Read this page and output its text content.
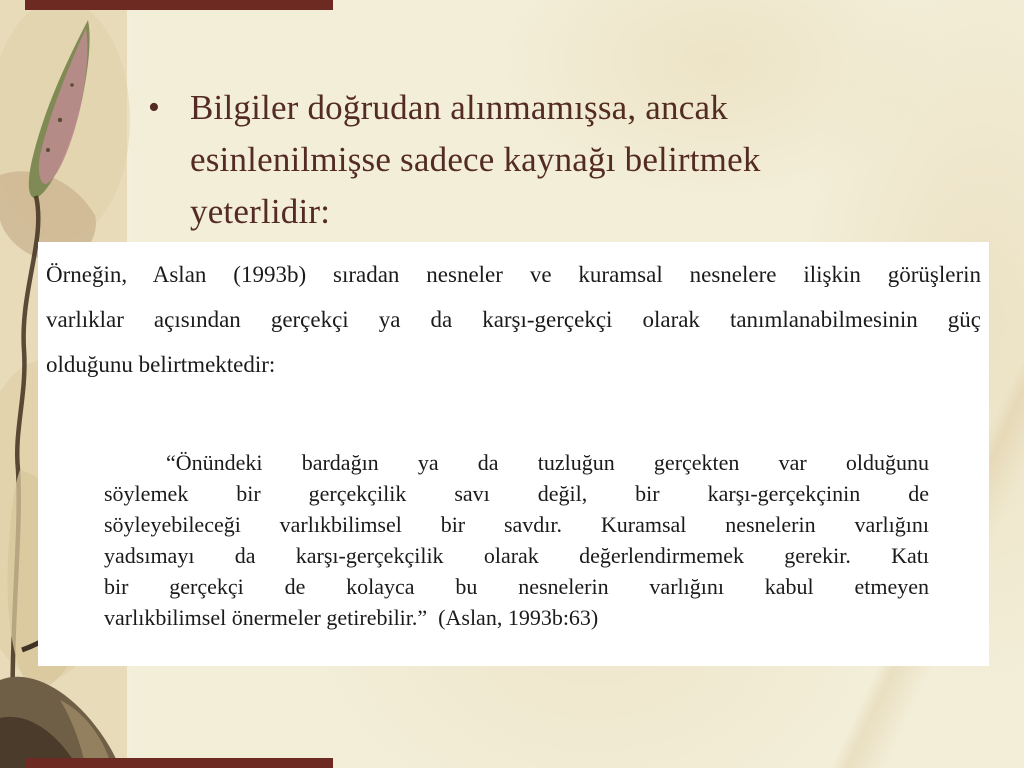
• Bilgiler doğrudan alınmamışsa, ancak
esinlenilmişse sadece kaynağı belirtmek
yeterlidir:
Örneğin, Aslan (1993b) sıradan nesneler ve kuramsal nesnelere ilişkin görüşlerin
varlıklar açısından gerçekçi ya da karşı-gerçekçi olarak tanımlanabilmesinin güç
olduğunu belirtmektedir:
“Önündeki bardağın ya da tuzluğun gerçekten var olduğunu
söylemek bir gerçekçilik savı değil, bir karşı-gerçekçinin de
söyleyebileceği varlıkbilimsel bir savdır. Kuramsal nesnelerin varlığını
yadsımayı da karşı-gerçekçilik olarak değerlendirmemek gerekir. Katı
bir gerçekçi de kolayca bu nesnelerin varlığını kabul etmeyen
varlıkbilimsel önermeler getirebilir.”  (Aslan, 1993b:63)
